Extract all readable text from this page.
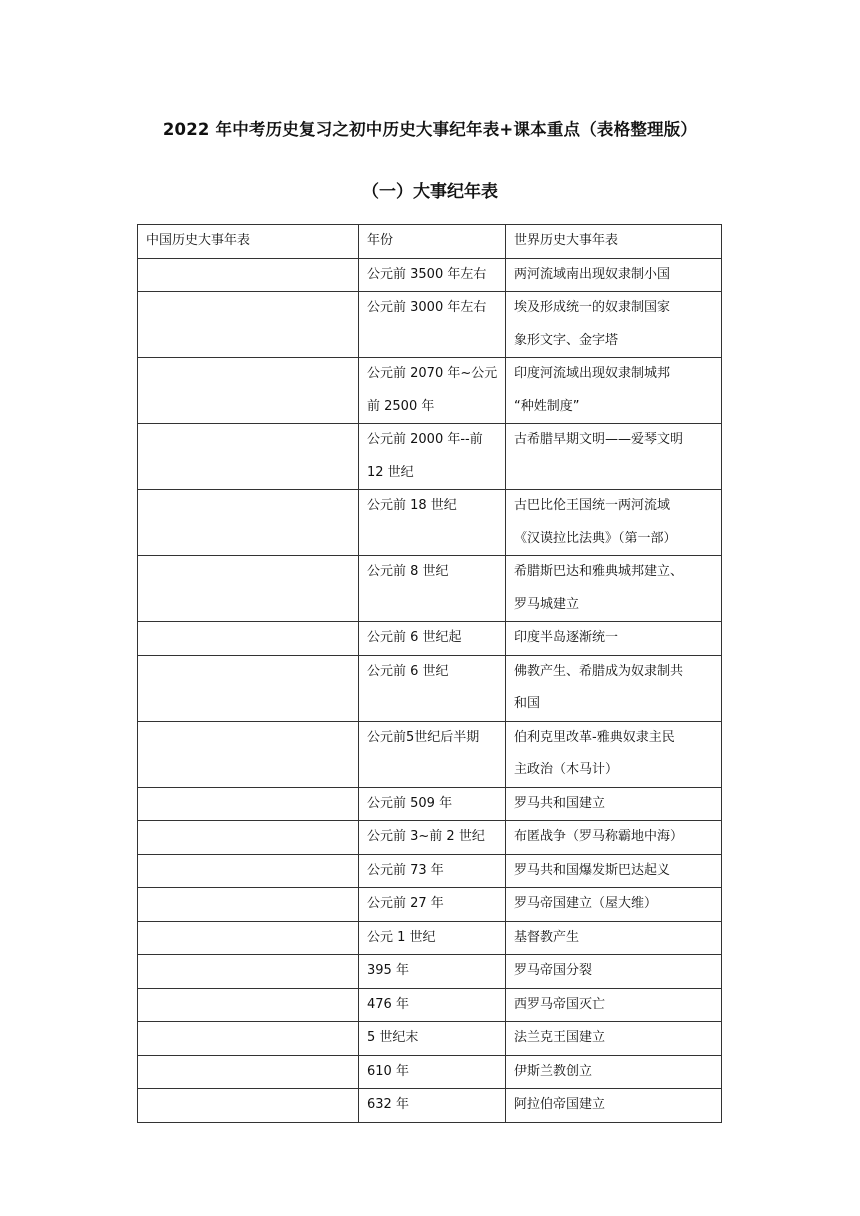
2022 年中考历史复习之初中历史大事纪年表+课本重点（表格整理版）
（一）大事纪年表
中国历史大事年表	年份	世界历史大事年表

	公元前 3500 年左右	两河流域南出现奴隶制小国

	公元前 3000 年左右	埃及形成统一的奴隶制国家
象形文字、金字塔

	公元前 2070 年~公元
前 2500 年	印度河流域出现奴隶制城邦
“种姓制度”

	公元前 2000 年--前
12 世纪	古希腊早期文明——爱琴文明

	公元前 18 世纪	古巴比伦王国统一两河流域
《汉谟拉比法典》（第一部）

	公元前 8 世纪	希腊斯巴达和雅典城邦建立、
罗马城建立

	公元前 6 世纪起	印度半岛逐渐统一

	公元前 6 世纪	佛教产生、希腊成为奴隶制共
和国

	公元前5世纪后半期	伯利克里改革-雅典奴隶主民
主政治（木马计）

	公元前 509 年	罗马共和国建立

	公元前 3~前 2 世纪	布匿战争（罗马称霸地中海）

	公元前 73 年	罗马共和国爆发斯巴达起义

	公元前 27 年	罗马帝国建立（屋大维）

	公元 1 世纪	基督教产生

	395 年	罗马帝国分裂

	476 年	西罗马帝国灭亡

	5 世纪末	法兰克王国建立

	610 年	伊斯兰教创立

	632 年	阿拉伯帝国建立
